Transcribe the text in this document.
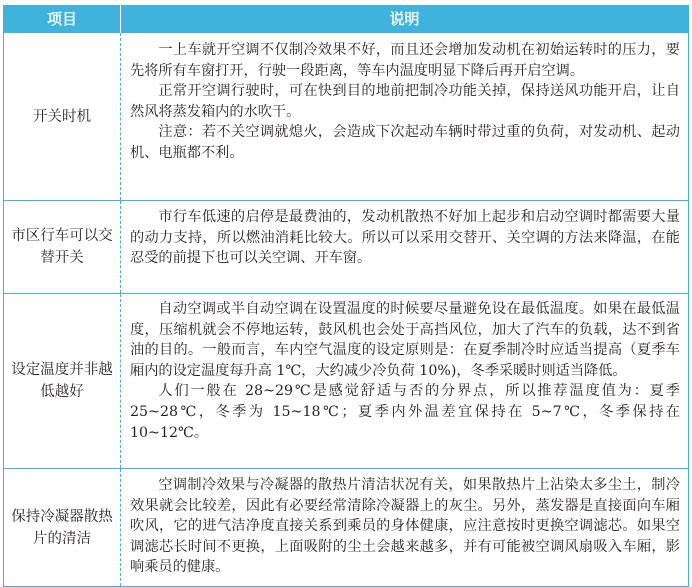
项目	说明
开关时机	一上车就开空调不仅制冷效果不好，而且还会增加发动机在初始运转时的压力，要先将所有车窗打开，行驶一段距离，等车内温度明显下降后再开启空调。

正常开空调行驶时，可在快到目的地前把制冷功能关掉，保持送风功能开启，让自然风将蒸发箱内的水吹干。

注意：若不关空调就熄火，会造成下次起动车辆时带过重的负荷，对发动机、起动机、电瓶都不利。

市区行车可以交替开关	市行车低速的启停是最费油的，发动机散热不好加上起步和启动空调时都需要大量的动力支持，所以燃油消耗比较大。所以可以采用交替开、关空调的方法来降温，在能忍受的前提下也可以关空调、开车窗。

设定温度并非越低越好	自动空调或半自动空调在设置温度的时候要尽量避免设在最低温度。如果在最低温度，压缩机就会不停地运转，鼓风机也会处于高挡风位，加大了汽车的负载，达不到省油的目的。一般而言，车内空气温度的设定原则是：在夏季制冷时应适当提高（夏季车厢内的设定温度每升高 1℃，大约减少冷负荷 10%)，冬季采暖时则适当降低。

人们一般在 28~29℃是感觉舒适与否的分界点，所以推荐温度值为：夏季 25~28℃，冬季为 15~18℃；夏季内外温差宜保持在 5~7℃，冬季保持在 10~12℃。

保持冷凝器散热片的清洁	空调制冷效果与冷凝器的散热片清洁状况有关，如果散热片上沾染太多尘土，制冷效果就会比较差，因此有必要经常清除冷凝器上的灰尘。另外，蒸发器是直接面向车厢吹风，它的进气洁净度直接关系到乘员的身体健康，应注意按时更换空调滤芯。如果空调滤芯长时间不更换，上面吸附的尘土会越来越多，并有可能被空调风扇吸入车厢，影响乘员的健康。
